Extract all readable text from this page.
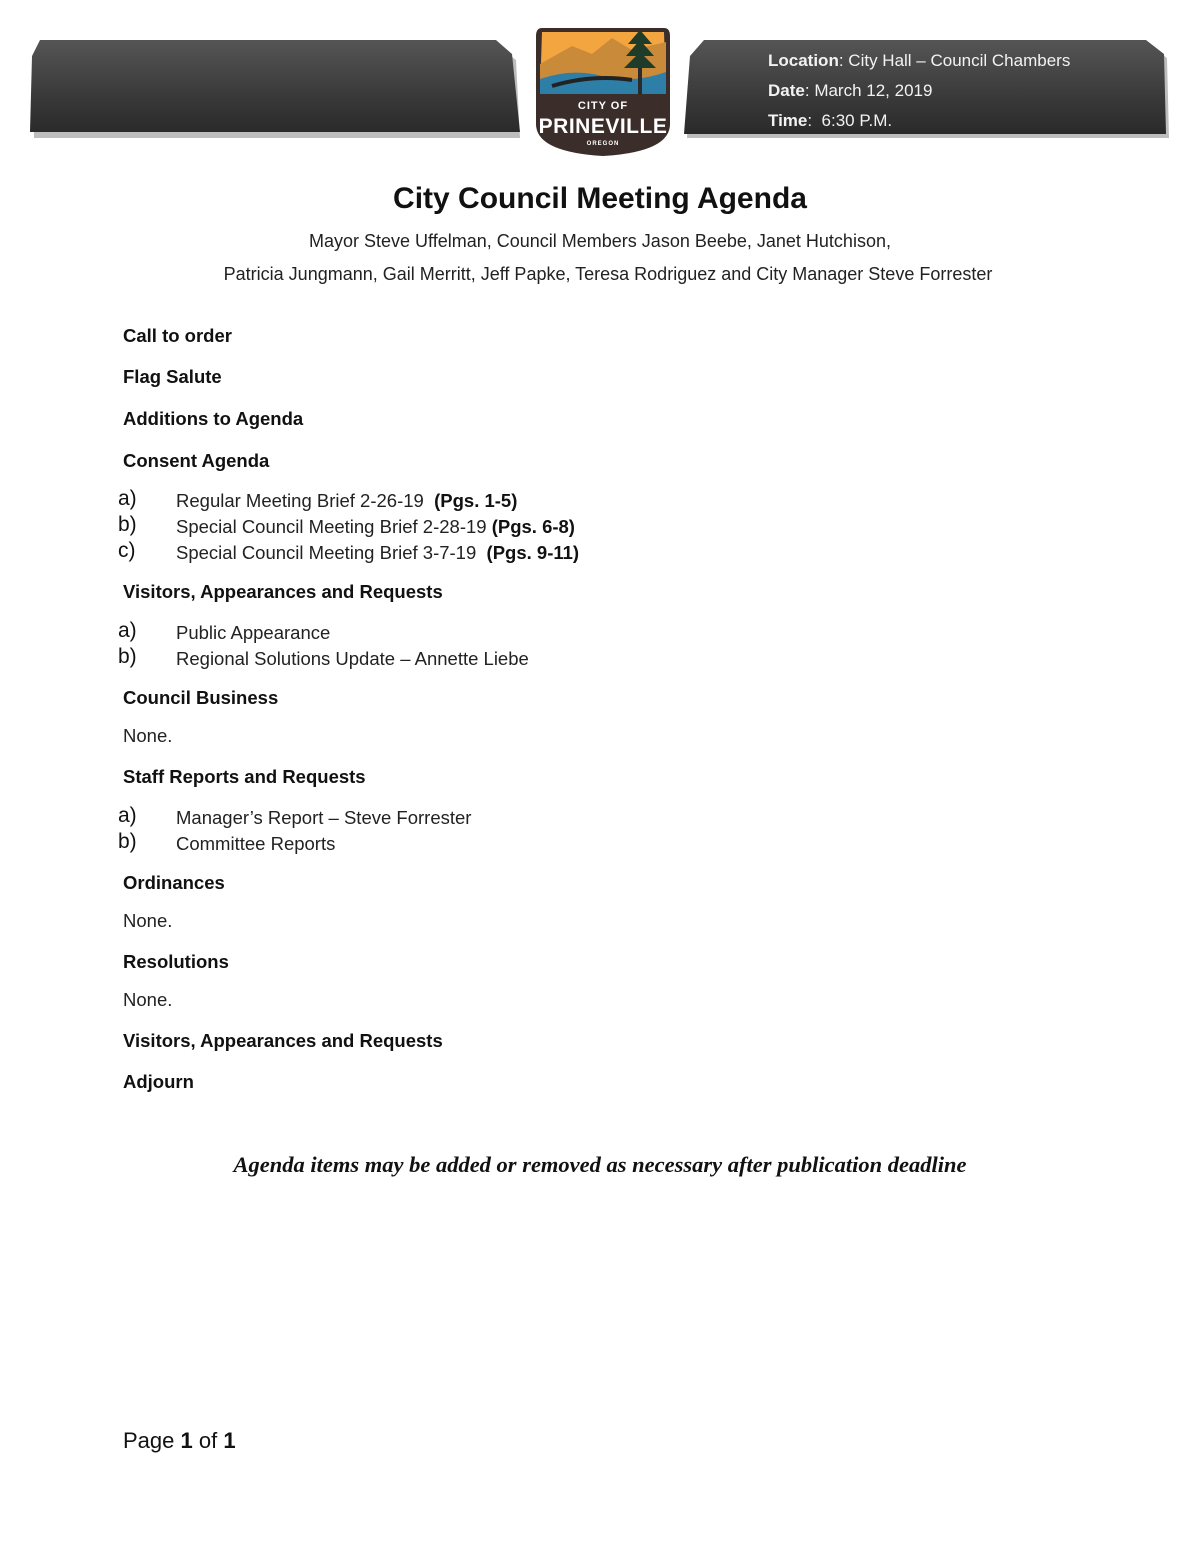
CITY OF
PRINEVILLE
OREGON
Location: City Hall – Council Chambers
Date: March 12, 2019
Time:  6:30 P.M.
City Council Meeting Agenda
Mayor Steve Uffelman, Council Members Jason Beebe, Janet Hutchison,
Patricia Jungmann, Gail Merritt, Jeff Papke, Teresa Rodriguez and City Manager Steve Forrester
Call to order
Flag Salute
Additions to Agenda
Consent Agenda
a) Regular Meeting Brief 2-26-19 (Pgs. 1-5)
b) Special Council Meeting Brief 2-28-19 (Pgs. 6-8)
c) Special Council Meeting Brief 3-7-19 (Pgs. 9-11)
Visitors, Appearances and Requests
a) Public Appearance
b) Regional Solutions Update – Annette Liebe
Council Business
None.
Staff Reports and Requests
a) Manager’s Report – Steve Forrester
b) Committee Reports
Ordinances
None.
Resolutions
None.
Visitors, Appearances and Requests
Adjourn
Agenda items may be added or removed as necessary after publication deadline
Page 1 of 1
